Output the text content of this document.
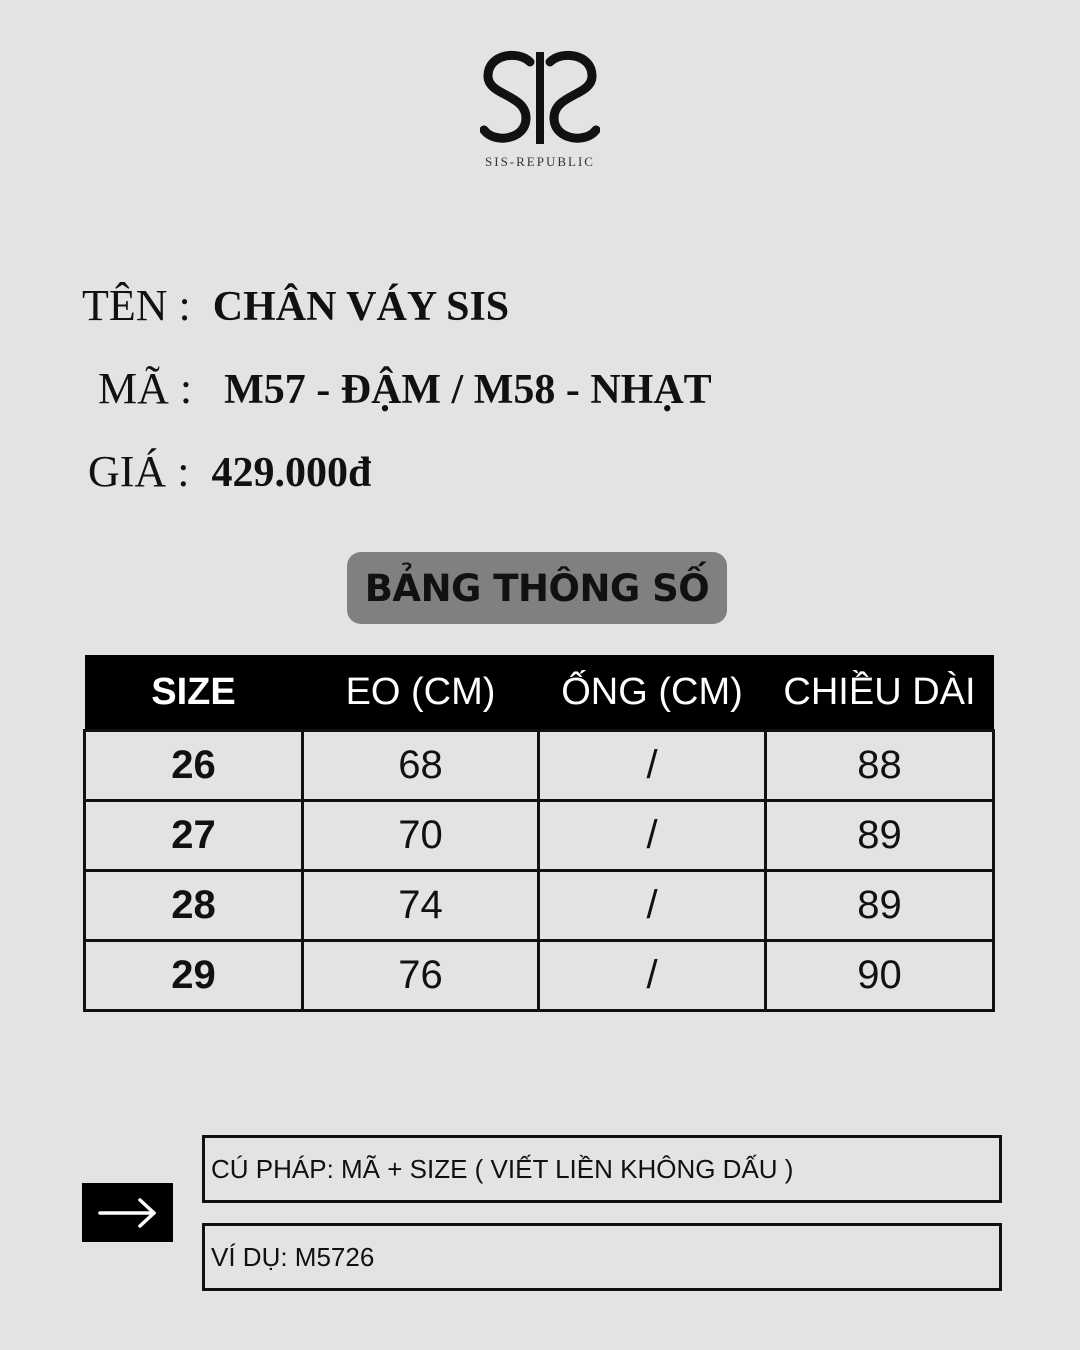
SIS-REPUBLIC
TÊN : CHÂN VÁY SIS
MÃ : M57 - ĐẬM / M58 - NHẠT
GIÁ : 429.000đ
BẢNG THÔNG SỐ
SIZE	EO (CM)	ỐNG (CM)	CHIỀU DÀI
26	68	/	88
27	70	/	89
28	74	/	89
29	76	/	90
CÚ PHÁP: MÃ + SIZE ( VIẾT LIỀN KHÔNG DẤU )
VÍ DỤ: M5726
